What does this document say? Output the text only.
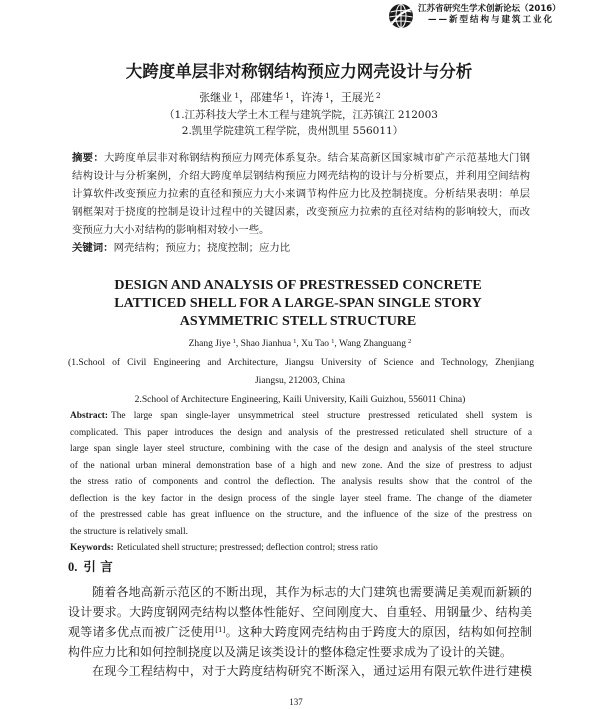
江苏省研究生学术创新论坛（2016）
——新型结构与建筑工业化
大跨度单层非对称钢结构预应力网壳设计与分析
张继业 $^1$，邵建华 $^1$，许涛 $^1$，王展光 $^2$
（1.江苏科技大学土木工程与建筑学院，江苏镇江 212003
2.凯里学院建筑工程学院，贵州凯里 556011）
摘要：大跨度单层非对称钢结构预应力网壳体系复杂。结合某高新区国家城市矿产示范基地大门钢
结构设计与分析案例，介绍大跨度单层钢结构预应力网壳结构的设计与分析要点，并利用空间结构
计算软件改变预应力拉索的直径和预应力大小来调节构件应力比及控制挠度。分析结果表明：单层
钢框架对于挠度的控制是设计过程中的关键因素，改变预应力拉索的直径对结构的影响较大，而改
变预应力大小对结构的影响相对较小一些。
关键词：网壳结构；预应力；挠度控制；应力比
DESIGN AND ANALYSIS OF PRESTRESSED CONCRETE
LATTICED SHELL FOR A LARGE-SPAN SINGLE STORY
ASYMMETRIC STELL STRUCTURE
Zhang Jiye $^1$, Shao Jianhua $^1$, Xu Tao $^1$, Wang Zhanguang $^2$
(1.School of Civil Engineering and Architecture, Jiangsu University of Science and Technology, Zhenjiang
Jiangsu, 212003, China
2.School of Architecture Engineering, Kaili University, Kaili Guizhou, 556011 China)
Abstract: The large span single-layer unsymmetrical steel structure prestressed reticulated shell system is
complicated. This paper introduces the design and analysis of the prestressed reticulated shell structure of a
large span single layer steel structure, combining with the case of the design and analysis of the steel structure
of the national urban mineral demonstration base of a high and new zone. And the size of prestress to adjust
the stress ratio of components and control the deflection. The analysis results show that the control of the
deflection is the key factor in the design process of the single layer steel frame. The change of the diameter
of the prestressed cable has great influence on the structure, and the influence of the size of the prestress on
the structure is relatively small.
Keywords: Reticulated shell structure; prestressed; deflection control; stress ratio
0. 引 言
随着各地高新示范区的不断出现，其作为标志的大门建筑也需要满足美观而新颖的
设计要求。大跨度钢网壳结构以整体性能好、空间刚度大、自重轻、用钢量少、结构美
观等诸多优点而被广泛使用[1]。这种大跨度网壳结构由于跨度大的原因，结构如何控制
构件应力比和如何控制挠度以及满足该类设计的整体稳定性要求成为了设计的关键。
在现今工程结构中，对于大跨度结构研究不断深入，通过运用有限元软件进行建模
137
